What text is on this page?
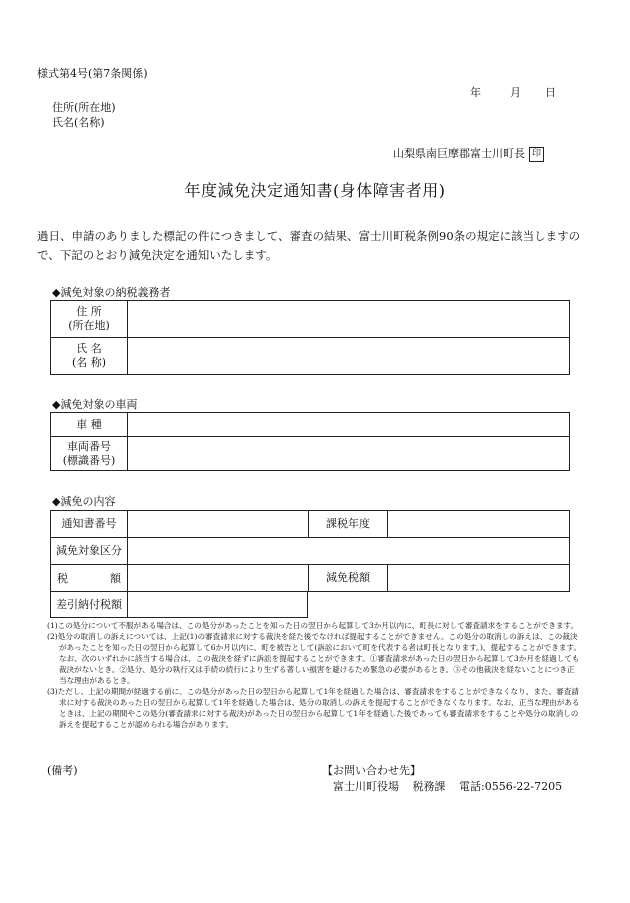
様式第4号(第7条関係)
年	月 日
住所(所在地)
氏名(名称)
山梨県南巨摩郡富士川町長 印
年度減免決定通知書(身体障害者用)
過日、申請のありました標記の件につきまして、審査の結果、富士川町税条例90条の規定に該当しますので、下記のとおり減免決定を通知いたします。
◆減免対象の納税義務者
住 所
(所在地)	

氏 名
(名 称)	

◆減免対象の車両
車 種	

車両番号
(標識番号)	

◆減免の内容
通知書番号		課税年度	
減免対象区分			

税 額		減免税額	
差引納付税額	

(1)この処分について不服がある場合は、この処分があったことを知った日の翌日から起算して3か月以内に、町長に対して審査請求をすることができます。

(2)処分の取消しの訴えについては、上記(1)の審査請求に対する裁決を経た後でなければ提起することができません。この処分の取消しの訴えは、この裁決があったことを知った日の翌日から起算して6か月以内に、町を被告として(訴訟において町を代表する者は町長となります。)、提起することができます。なお、次のいずれかに該当する場合は、この裁決を経ずに訴訟を提起することができます。①審査請求があった日の翌日から起算して3か月を経過しても裁決がないとき。②処分、処分の執行又は手続の続行により生ずる著しい損害を避けるため緊急の必要があるとき。③その他裁決を経ないことにつき正当な理由があるとき。

(3)ただし、上記の期間が経過する前に、この処分があった日の翌日から起算して1年を経過した場合は、審査請求をすることができなくなり、また、審査請求に対する裁決のあった日の翌日から起算して1年を経過した場合は、処分の取消しの訴えを提起することができなくなります。なお、正当な理由があるときは、上記の期間やこの処分(審査請求に対する裁決)があった日の翌日から起算して1年を経過した後であっても審査請求をすることや処分の取消しの訴えを提起することが認められる場合があります。

(備考)	【お問い合わせ先】
富士川町役場 税務課 電話:0556-22-7205
